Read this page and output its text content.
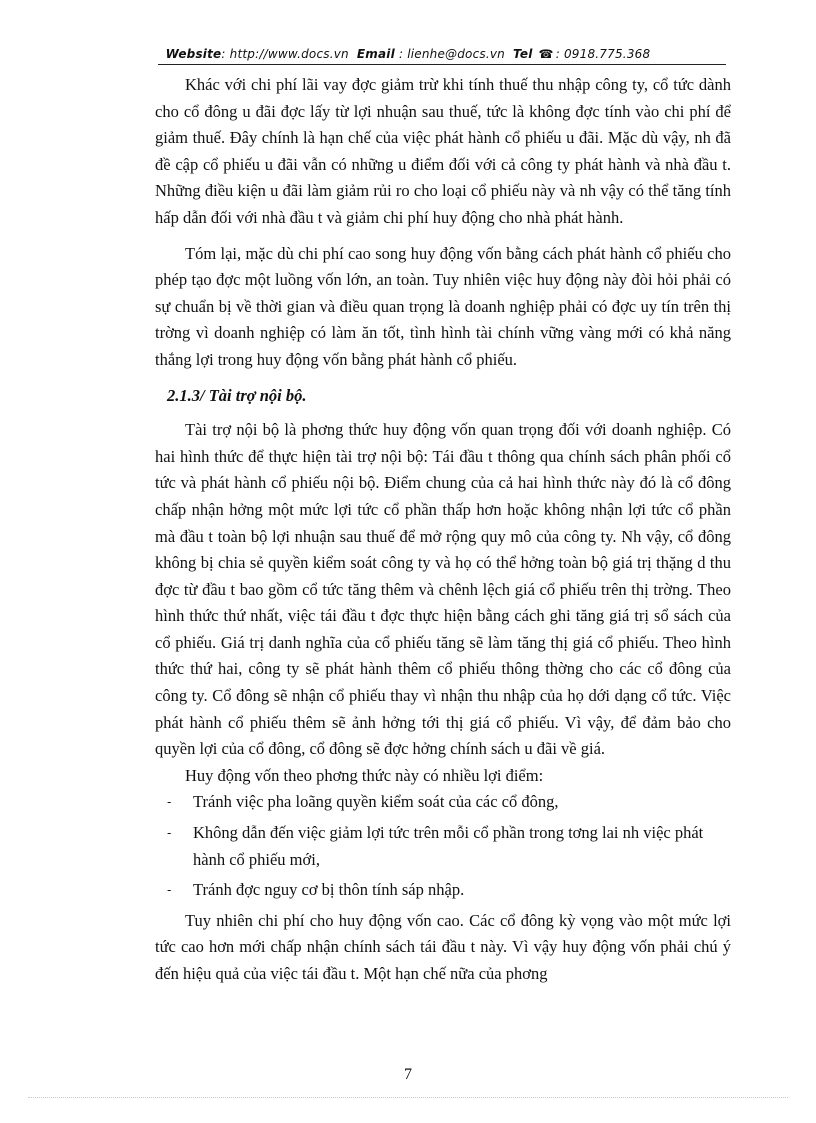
Website: http://www.docs.vn Email : lienhe@docs.vn Tel ☎ : 0918.775.368

Khác với chi phí lãi vay đợc giảm trừ khi tính thuế thu nhập công ty, cổ tức dành cho cổ đông u đãi đợc lấy từ lợi nhuận sau thuế, tức là không đợc tính vào chi phí để giảm thuế. Đây chính là hạn chế của việc phát hành cổ phiếu u đãi. Mặc dù vậy, nh đã đề cập cổ phiếu u đãi vẫn có những u điểm đối với cả công ty phát hành và nhà đầu t. Những điều kiện u đãi làm giảm rủi ro cho loại cổ phiếu này và nh vậy có thể tăng tính hấp dẫn đối với nhà đầu t và giảm chi phí huy động cho nhà phát hành.

Tóm lại, mặc dù chi phí cao song huy động vốn bằng cách phát hành cổ phiếu cho phép tạo đợc một luồng vốn lớn, an toàn. Tuy nhiên việc huy động này đòi hỏi phải có sự chuẩn bị về thời gian và điều quan trọng là doanh nghiệp phải có đợc uy tín trên thị trờng vì doanh nghiệp có làm ăn tốt, tình hình tài chính vững vàng mới có khả năng thắng lợi trong huy động vốn bằng phát hành cổ phiếu.

2.1.3/ Tài trợ nội bộ.

Tài trợ nội bộ là phơng thức huy động vốn quan trọng đối với doanh nghiệp. Có hai hình thức để thực hiện tài trợ nội bộ: Tái đầu t thông qua chính sách phân phối cổ tức và phát hành cổ phiếu nội bộ. Điểm chung của cả hai hình thức này đó là cổ đông chấp nhận hởng một mức lợi tức cổ phần thấp hơn hoặc không nhận lợi tức cổ phần mà đầu t toàn bộ lợi nhuận sau thuế để mở rộng quy mô của công ty. Nh vậy, cổ đông không bị chia sẻ quyền kiểm soát công ty và họ có thể hởng toàn bộ giá trị thặng d thu đợc từ đầu t bao gồm cổ tức tăng thêm và chênh lệch giá cổ phiếu trên thị trờng. Theo hình thức thứ nhất, việc tái đầu t đợc thực hiện bằng cách ghi tăng giá trị sổ sách của cổ phiếu. Giá trị danh nghĩa của cổ phiếu tăng sẽ làm tăng thị giá cổ phiếu. Theo hình thức thứ hai, công ty sẽ phát hành thêm cổ phiếu thông thờng cho các cổ đông của công ty. Cổ đông sẽ nhận cổ phiếu thay vì nhận thu nhập của họ dới dạng cổ tức. Việc phát hành cổ phiếu thêm sẽ ảnh hởng tới thị giá cổ phiếu. Vì vậy, để đảm bảo cho quyền lợi của cổ đông, cổ đông sẽ đợc hởng chính sách u đãi về giá.

Huy động vốn theo phơng thức này có nhiều lợi điểm:

- Tránh việc pha loãng quyền kiểm soát của các cổ đông,
- Không dẫn đến việc giảm lợi tức trên mỗi cổ phần trong tơng lai nh việc phát hành cổ phiếu mới,
- Tránh đợc nguy cơ bị thôn tính sáp nhập.

Tuy nhiên chi phí cho huy động vốn cao. Các cổ đông kỳ vọng vào một mức lợi tức cao hơn mới chấp nhận chính sách tái đầu t này. Vì vậy huy động vốn phải chú ý đến hiệu quả của việc tái đầu t. Một hạn chế nữa của phơng

7
